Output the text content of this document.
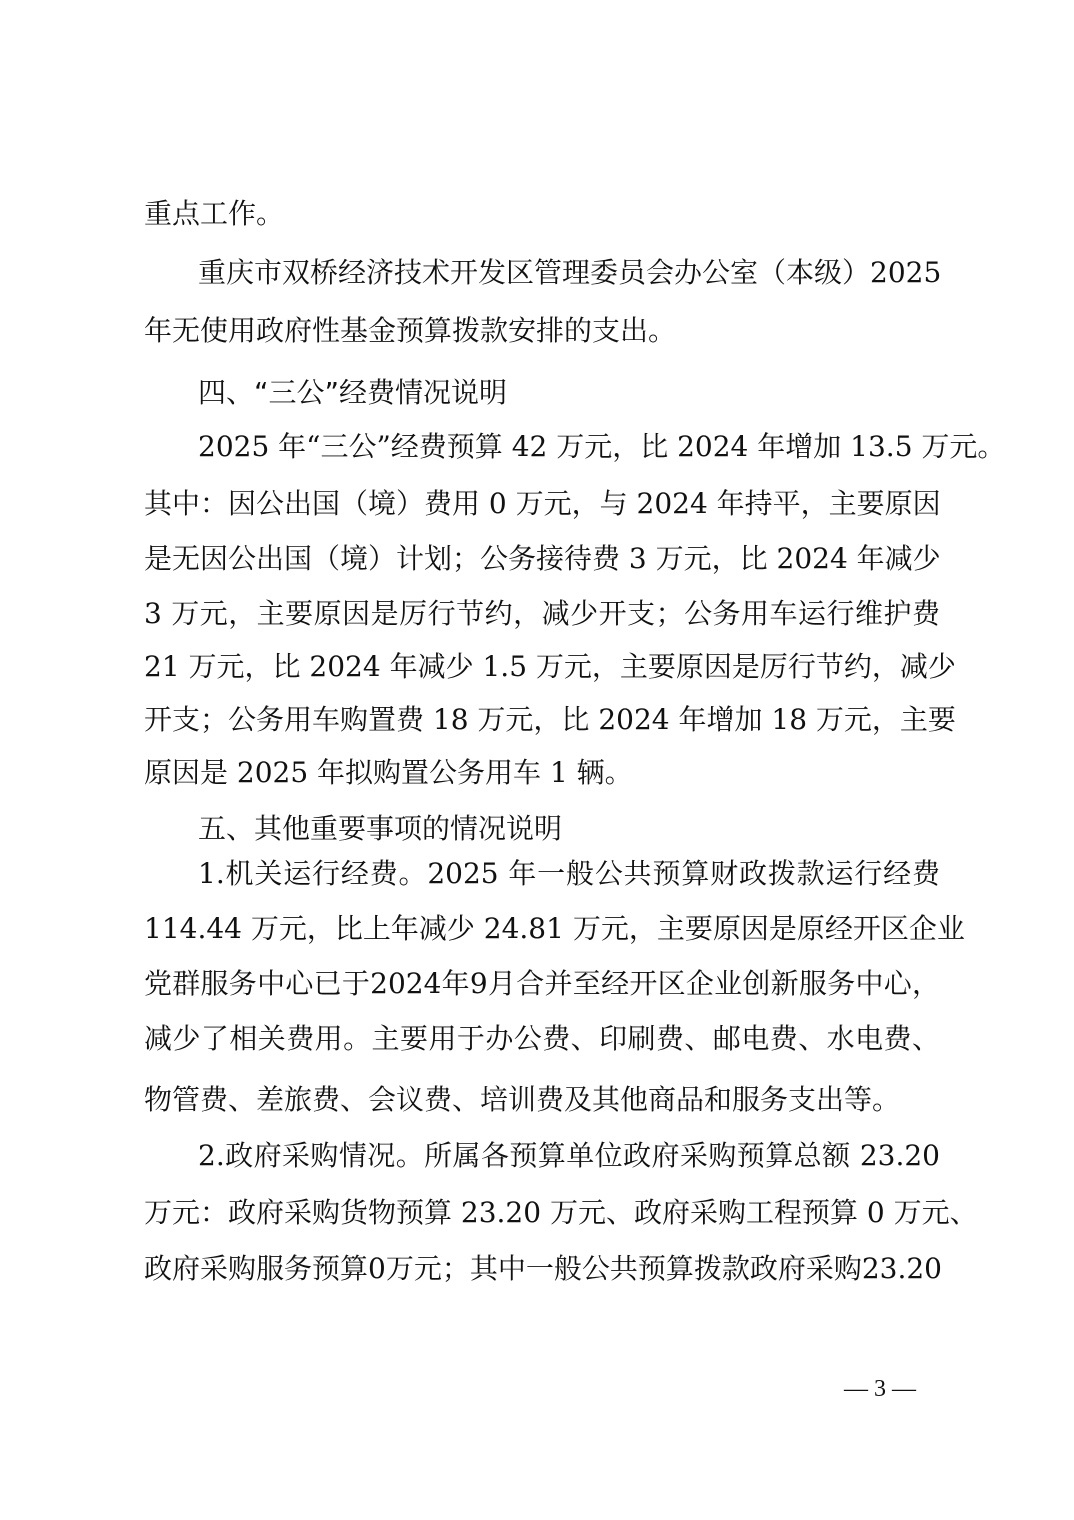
重点工作。
重庆市双桥经济技术开发区管理委员会办公室（本级）2025
年无使用政府性基金预算拨款安排的支出。
四、“三公”经费情况说明
2025 年“三公”经费预算 42 万元，比 2024 年增加 13.5 万元。
其中：因公出国（境）费用 0 万元，与 2024 年持平，主要原因
是无因公出国（境）计划；公务接待费 3 万元，比 2024 年减少
3 万元，主要原因是厉行节约，减少开支；公务用车运行维护费
21 万元，比 2024 年减少 1.5 万元，主要原因是厉行节约，减少
开支；公务用车购置费 18 万元，比 2024 年增加 18 万元，主要
原因是 2025 年拟购置公务用车 1 辆。
五、其他重要事项的情况说明
1.机关运行经费。2025 年一般公共预算财政拨款运行经费
114.44 万元，比上年减少 24.81 万元，主要原因是原经开区企业
党群服务中心已于2024年9月合并至经开区企业创新服务中心，
减少了相关费用。主要用于办公费、印刷费、邮电费、水电费、
物管费、差旅费、会议费、培训费及其他商品和服务支出等。
2.政府采购情况。所属各预算单位政府采购预算总额 23.20
万元：政府采购货物预算 23.20 万元、政府采购工程预算 0 万元、
政府采购服务预算0万元；其中一般公共预算拨款政府采购23.20
— 3 —
